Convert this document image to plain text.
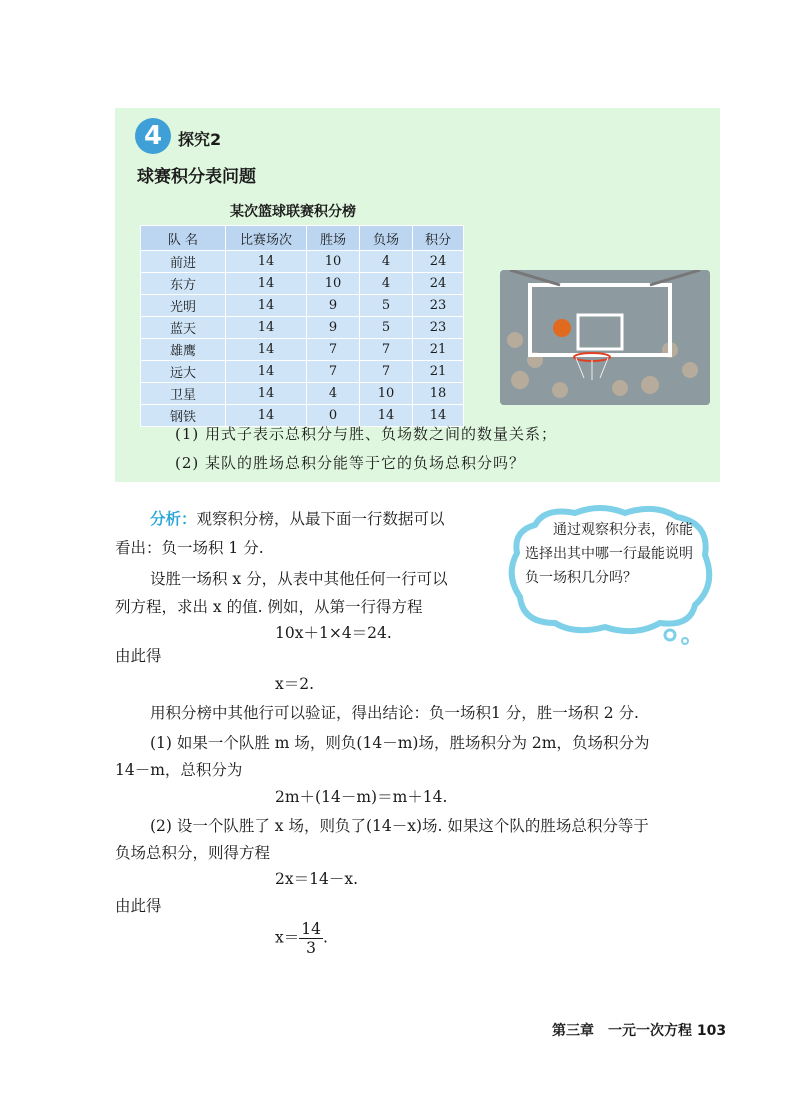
4 探究2
球赛积分表问题
某次篮球联赛积分榜
队 名	比赛场次	胜场	负场	积分
前进	14	10	4	24
东方	14	10	4	24
光明	14	9	5	23
蓝天	14	9	5	23
雄鹰	14	7	7	21
远大	14	7	7	21
卫星	14	4	10	18
钢铁	14	0	14	14
(1) 用式子表示总积分与胜、负场数之间的数量关系；
(2) 某队的胜场总积分能等于它的负场总积分吗？
分析：观察积分榜，从最下面一行数据可以
看出：负一场积 1 分.
设胜一场积 x 分，从表中其他任何一行可以
列方程，求出 x 的值. 例如，从第一行得方程
10x＋1×4＝24.
由此得
x＝2.
用积分榜中其他行可以验证，得出结论：负一场积1 分，胜一场积 2 分.
(1) 如果一个队胜 m 场，则负(14－m)场，胜场积分为 2m，负场积分为
14－m，总积分为
2m＋(14－m)＝m＋14.
(2) 设一个队胜了 x 场，则负了(14－x)场. 如果这个队的胜场总积分等于
负场总积分，则得方程
2x＝14－x.
由此得
$x= \frac{14}{3}$ .
通过观察积分表，你能选择出其中哪一行最能说明负一场积几分吗？
第三章　一元一次方程 103
